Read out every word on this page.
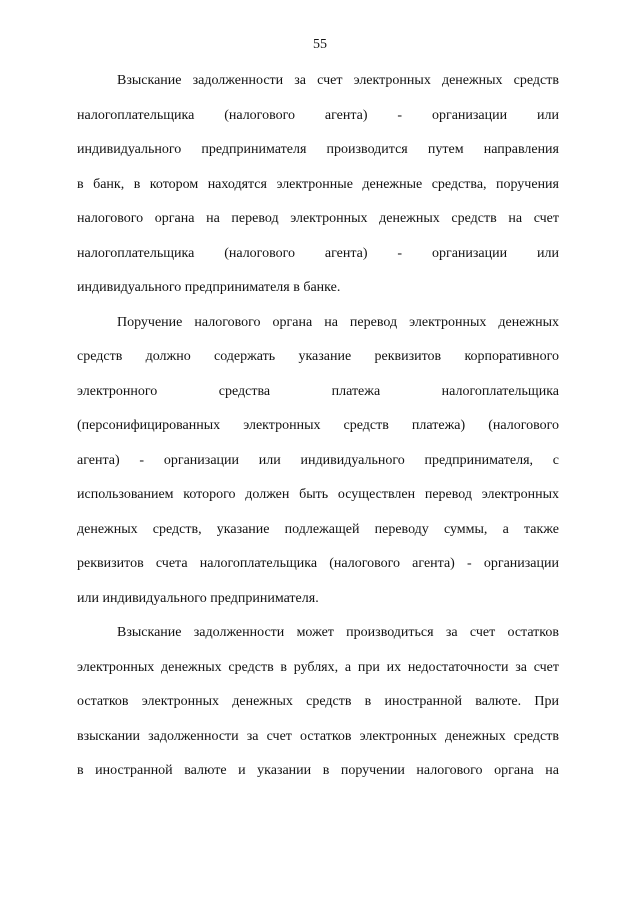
55
Взыскание задолженности за счет электронных денежных средств
налогоплательщика (налогового агента) - организации или
индивидуального предпринимателя производится путем направления
в банк, в котором находятся электронные денежные средства, поручения
налогового органа на перевод электронных денежных средств на счет
налогоплательщика (налогового агента) - организации или
индивидуального предпринимателя в банке.
Поручение налогового органа на перевод электронных денежных
средств должно содержать указание реквизитов корпоративного
электронного средства платежа налогоплательщика
(персонифицированных электронных средств платежа) (налогового
агента) - организации или индивидуального предпринимателя, с
использованием которого должен быть осуществлен перевод электронных
денежных средств, указание подлежащей переводу суммы, а также
реквизитов счета налогоплательщика (налогового агента) - организации
или индивидуального предпринимателя.
Взыскание задолженности может производиться за счет остатков
электронных денежных средств в рублях, а при их недостаточности за счет
остатков электронных денежных средств в иностранной валюте. При
взыскании задолженности за счет остатков электронных денежных средств
в иностранной валюте и указании в поручении налогового органа на
